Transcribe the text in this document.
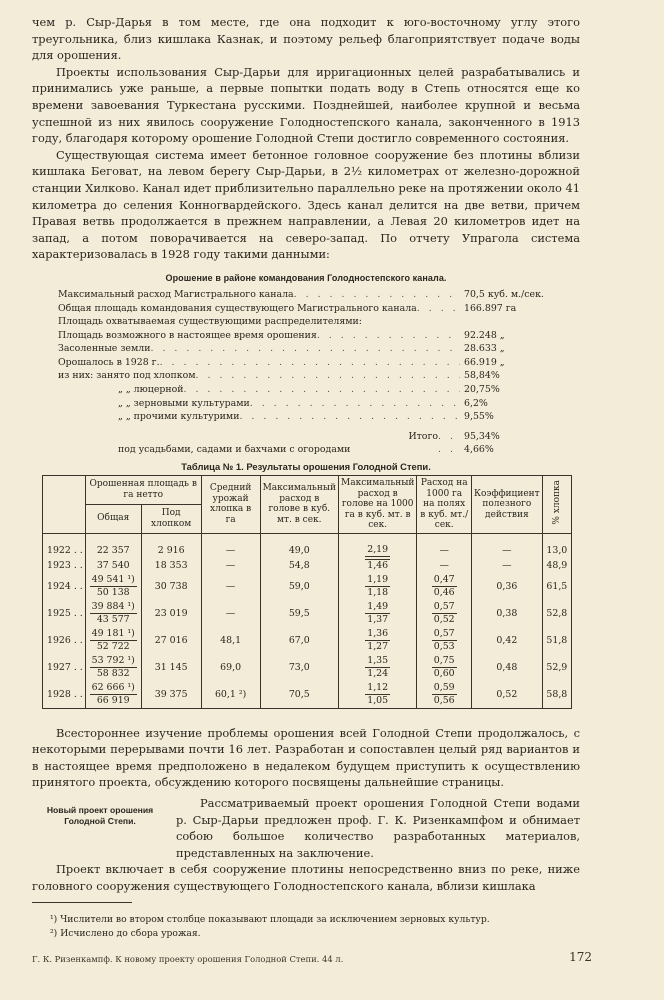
чем р. Сыр-Дарья в том месте, где она подходит к юго-восточному углу этого треугольника, близ кишлака Казнак, и поэтому рельеф благоприятствует подаче воды для орошения.

Проекты использования Сыр-Дарьи для ирригационных целей разрабатывались и принимались уже раньше, а первые попытки подать воду в Степь относятся еще ко времени завоевания Туркестана русскими. Позднейшей, наиболее крупной и весьма успешной из них явилось сооружение Голодностепского канала, законченного в 1913 году, благодаря которому орошение Голодной Степи достигло современного состояния.

Существующая система имеет бетонное головное сооружение без плотины вблизи кишлака Беговат, на левом берегу Сыр-Дарьи, в 2½ километрах от железно-дорожной станции Хилково. Канал идет приблизительно параллельно реке на протяжении около 41 километра до селения Конногвардейского. Здесь канал делится на две ветви, причем Правая ветвь продолжается в прежнем направлении, а Левая 20 километров идет на запад, а потом поворачивается на северо-запад. По отчету Упрагола система характеризовалась в 1928 году такими данными:

Орошение в районе командования Голодностепского канала.
Максимальный расход Магистрального канала . . .	70,5 куб. м./сек.
Общая площадь командования существующего Магистрального канала . . .	166.897 га
Площадь охватываемая существующими распределителями:
Площадь возможного в настоящее время орошения . . .	92.248 „
Засоленные земли . . .	28.633 „
Орошалось в 1928 г. . . .	66.919 „
из них: занято под хлопком . . .	58,84%
„ „ люцерной . . .	20,75%
„ „ зерновыми культурами . . .	6,2%
„ „ прочими культурими . . .	9,55%
Итого . . 95,34%
под усадьбами, садами и бахчами с огородами	. . 4,66%
Таблица № 1. Результаты орошения Голодной Степи.
	Орошенная площадь в га нетто		Средний урожай хлопка в га	Максимальный расход в голове в куб. мт. в сек.	Максимальный расход в голове на 1000 га в куб. мт. в сек.	Расход на 1000 га на полях в куб. мт./сек.	Коэффициент полезного действия	% хлопка
	Общая	Под хлопком						
1922 . .	22 357	2 916	—	49,0	2,19	—	—	13,0
1923 . .	37 540	18 353	—	54,8	1,46	—	—	48,9
1924 . .	$\frac{\text{49 541 ¹)}}{50 138}$	30 738	—	59,0	$\frac{1,19}{1,18}$	$\frac{0,47}{0,46}$	0,36	61,5
1925 . .	$\frac{\text{39 884 ¹)}}{43 577}$	23 019	—	59,5	$\frac{1,49}{1,37}$	$\frac{0,57}{0,52}$	0,38	52,8
1926 . .	$\frac{\text{49 181 ¹)}}{52 722}$	27 016	48,1	67,0	$\frac{1,36}{1,27}$	$\frac{0,57}{0,53}$	0,42	51,8
1927 . .	$\frac{\text{53 792 ¹)}}{58 832}$	31 145	69,0	73,0	$\frac{1,35}{1,24}$	$\frac{0,75}{0,60}$	0,48	52,9
1928 . .	$\frac{\text{62 666 ¹)}}{66 919}$	39 375	60,1 ²)	70,5	$\frac{1,12}{1,05}$	$\frac{0,59}{0,56}$	0,52	58,8

Всестороннее изучение проблемы орошения всей Голодной Степи продолжалось, с некоторыми перерывами почти 16 лет. Разработан и сопоставлен целый ряд вариантов и в настоящее время предположено в недалеком будущем приступить к осуществлению принятого проекта, обсуждению которого посвящены дальнейшие страницы.

Новый проект орошения Голодной Степи.

Рассматриваемый проект орошения Голодной Степи водами р. Сыр-Дарьи предложен проф. Г. К. Ризенкампфом и обнимает собою большое количество разработанных материалов, представленных на заключение.

Проект включает в себя сооружение плотины непосредственно вниз по реке, ниже головного сооружения существующего Голодностепского канала, вблизи кишлака

¹) Числители во втором столбце показывают площади за исключением зерновых культур.
²) Исчислено до сбора урожая.
Г. К. Ризенкампф. К новому проекту орошения Голодной Степи. 44 л.	172
